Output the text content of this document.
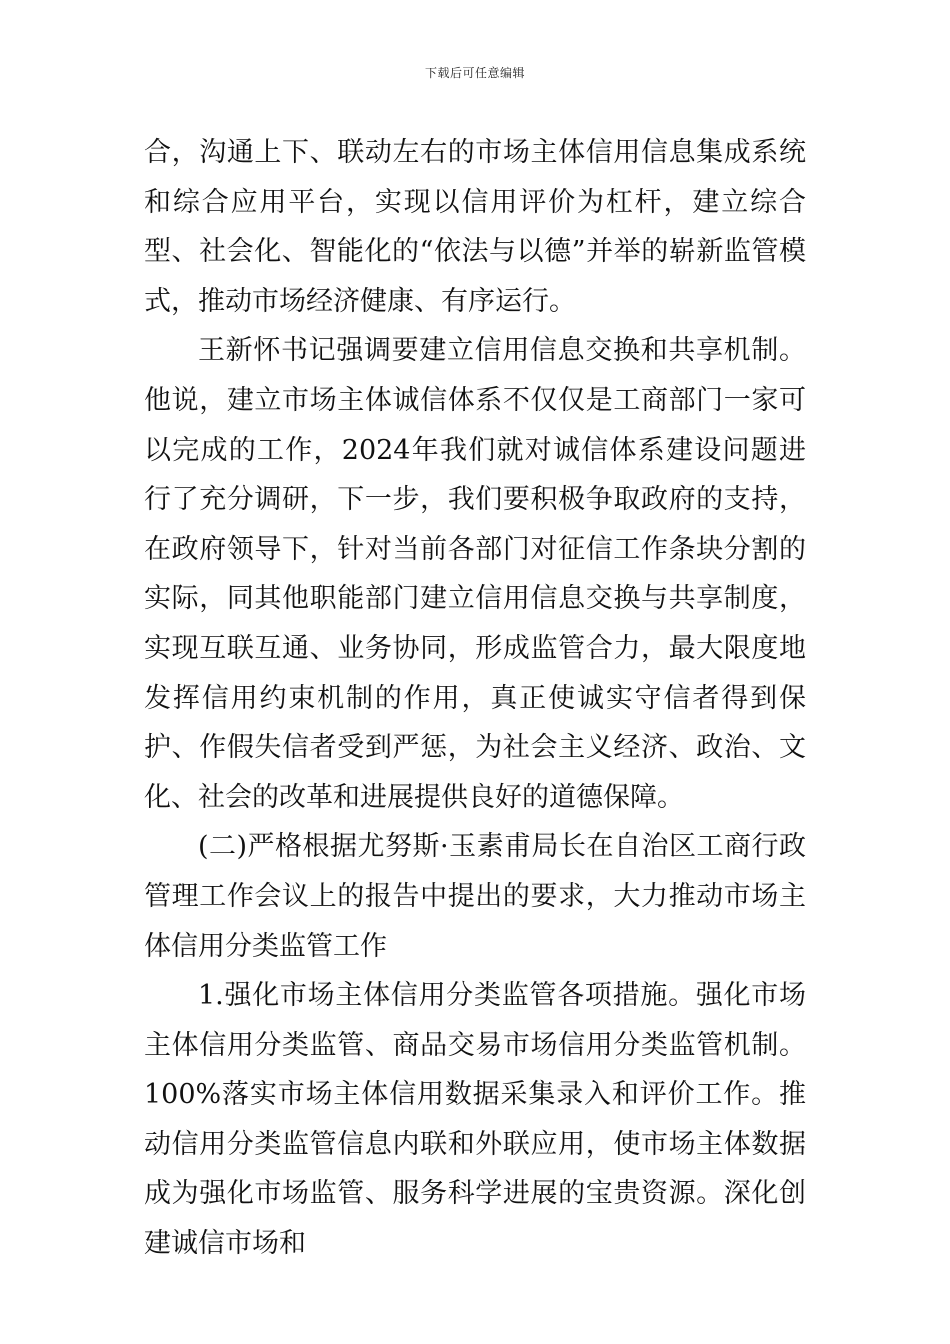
下载后可任意编辑

合，沟通上下、联动左右的市场主体信用信息集成系统和综合应用平台，实现以信用评价为杠杆，建立综合型、社会化、智能化的“依法与以德”并举的崭新监管模式，推动市场经济健康、有序运行。

王新怀书记强调要建立信用信息交换和共享机制。他说，建立市场主体诚信体系不仅仅是工商部门一家可以完成的工作，2024年我们就对诚信体系建设问题进行了充分调研，下一步，我们要积极争取政府的支持，在政府领导下，针对当前各部门对征信工作条块分割的实际，同其他职能部门建立信用信息交换与共享制度，实现互联互通、业务协同，形成监管合力，最大限度地发挥信用约束机制的作用，真正使诚实守信者得到保护、作假失信者受到严惩，为社会主义经济、政治、文化、社会的改革和进展提供良好的道德保障。

(二)严格根据尤努斯·玉素甫局长在自治区工商行政管理工作会议上的报告中提出的要求，大力推动市场主体信用分类监管工作

1.强化市场主体信用分类监管各项措施。强化市场主体信用分类监管、商品交易市场信用分类监管机制。100%落实市场主体信用数据采集录入和评价工作。推动信用分类监管信息内联和外联应用，使市场主体数据成为强化市场监管、服务科学进展的宝贵资源。深化创建诚信市场和
